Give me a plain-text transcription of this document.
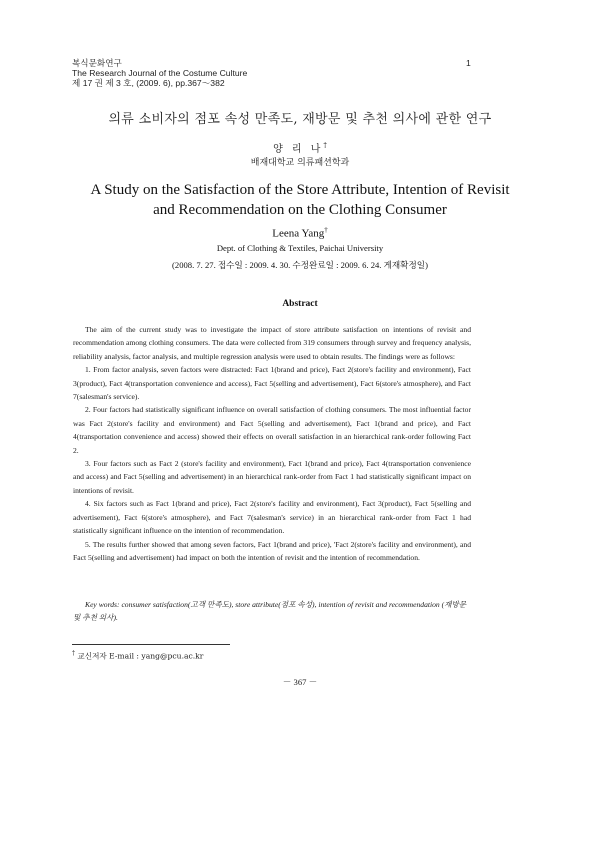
복식문화연구
The Research Journal of the Costume Culture
제 17 권 제 3 호, (2009. 6), pp.367～382
1
의류 소비자의 점포 속성 만족도, 재방문 및 추천 의사에 관한 연구
양 리 나†
배재대학교 의류패션학과
A Study on the Satisfaction of the Store Attribute, Intention of Revisit
and Recommendation on the Clothing Consumer
Leena Yang†
Dept. of Clothing & Textiles, Paichai University
(2008. 7. 27. 접수일 : 2009. 4. 30. 수정완료일 : 2009. 6. 24. 게재확정일)
Abstract

The aim of the current study was to investigate the impact of store attribute satisfaction on intentions of revisit and recommendation among clothing consumers. The data were collected from 319 consumers through survey and frequency analysis, reliability analysis, factor analysis, and multiple regression analysis were used to obtain results. The findings were as follows:

1. From factor analysis, seven factors were distracted: Fact 1(brand and price), Fact 2(store's facility and environment), Fact 3(product), Fact 4(transportation convenience and access), Fact 5(selling and advertisement), Fact 6(store's atmosphere), and Fact 7(salesman's service).

2. Four factors had statistically significant influence on overall satisfaction of clothing consumers. The most influential factor was Fact 2(store's facility and environment) and Fact 5(selling and advertisement), Fact 1(brand and price), and Fact 4(transportation convenience and access) showed their effects on overall satisfaction in an hierarchical rank-order following Fact 2.

3. Four factors such as Fact 2 (store's facility and environment), Fact 1(brand and price), Fact 4(transportation convenience and access) and Fact 5(selling and advertisement) in an hierarchical rank-order from Fact 1 had statistically significant impact on intentions of revisit.

4. Six factors such as Fact 1(brand and price), Fact 2(store's facility and environment), Fact 3(product), Fact 5(selling and advertisement), Fact 6(store's atmosphere), and Fact 7(salesman's service) in an hierarchical rank-order from Fact 1 had statistically significant influence on the intention of recommendation.

5. The results further showed that among seven factors, Fact 1(brand and price), 'Fact 2(store's facility and environment), and Fact 5(selling and advertisement) had impact on both the intention of revisit and the intention of recommendation.

Key words: consumer satisfaction(고객 만족도), store attribute(점포 속성), intention of revisit and recommendation (재방문 및 추천 의사).
† 교신저자 E-mail : yang@pcu.ac.kr
－ 367 －
